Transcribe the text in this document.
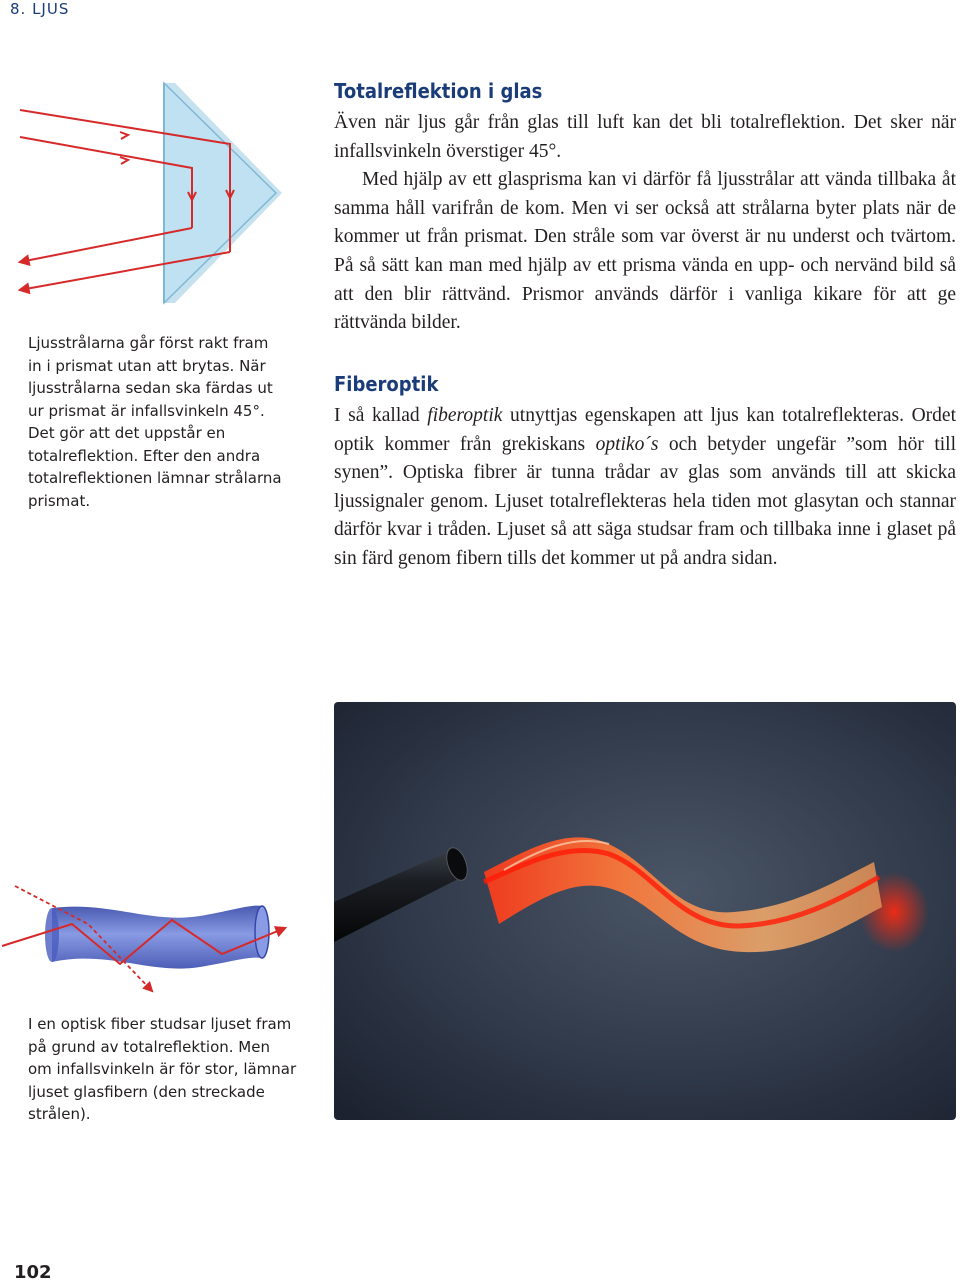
8. LJUS

Ljusstrålarna går först rakt fram in i prismat utan att brytas. När ljusstrålarna sedan ska färdas ut ur prismat är infallsvinkeln 45°. Det gör att det uppstår en totalreflektion. Efter den andra totalreflektionen lämnar strålarna prismat.

Totalreflektion i glas

Även när ljus går från glas till luft kan det bli totalreflektion. Det sker när infallsvinkeln överstiger 45°.

Med hjälp av ett glasprisma kan vi därför få ljusstrålar att vända tillbaka åt samma håll varifrån de kom. Men vi ser också att strålarna byter plats när de kommer ut från prismat. Den stråle som var överst är nu underst och tvärtom. På så sätt kan man med hjälp av ett prisma vända en upp- och nervänd bild så att den blir rättvänd. Prismor används därför i vanliga kikare för att ge rättvända bilder.

Fiberoptik

I så kallad fiberoptik utnyttjas egenskapen att ljus kan totalreflekteras. Ordet optik kommer från grekiskans optiko´s och betyder ungefär ”som hör till synen”. Optiska fibrer är tunna trådar av glas som används till att skicka ljussignaler genom. Ljuset totalreflekteras hela tiden mot glasytan och stannar därför kvar i tråden. Ljuset så att säga studsar fram och tillbaka inne i glaset på sin färd genom fibern tills det kommer ut på andra sidan.

I en optisk fiber studsar ljuset fram på grund av totalreflektion. Men om infallsvinkeln är för stor, lämnar ljuset glasfibern (den streckade strålen).

102
